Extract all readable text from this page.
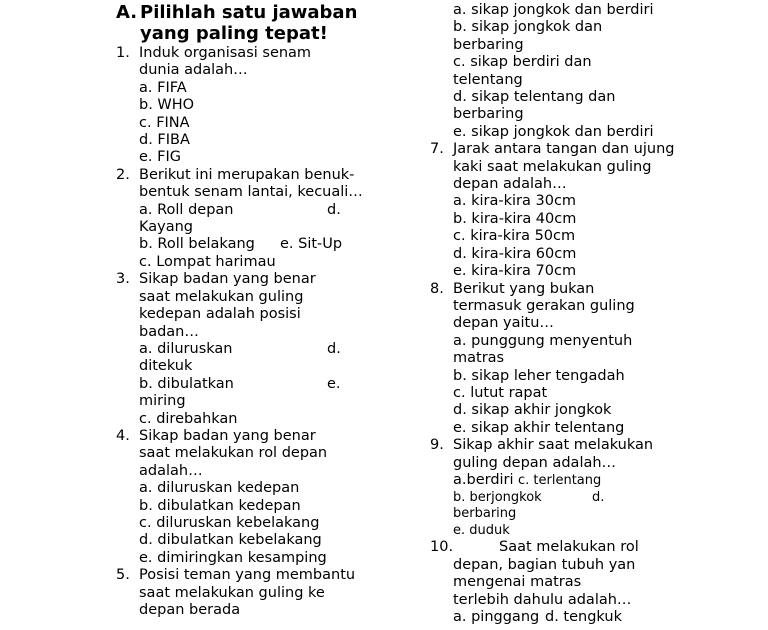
A. Pilihlah satu jawaban yang paling tepat!
1. Induk organisasi senam dunia adalah…
a. FIFA
b. WHO
c. FINA
d. FIBA
e. FIG
2. Berikut ini merupakan benuk-bentuk senam lantai, kecuali…
a. Roll depan	d.
Kayang
b. Roll belakang	e. Sit-Up
c. Lompat harimau
3. Sikap badan yang benar saat melakukan guling kedepan adalah posisi badan…
a. diluruskan	d.
ditekuk
b. dibulatkan	e.
miring
c. direbahkan
4. Sikap badan yang benar saat melakukan rol depan adalah…
a. diluruskan kedepan
b. dibulatkan kedepan
c. diluruskan kebelakang
d. dibulatkan kebelakang
e. dimiringkan kesamping
5. Posisi teman yang membantu saat melakukan guling ke depan berada
a. sikap jongkok dan berdiri
b. sikap jongkok dan berbaring
c. sikap berdiri dan telentang
d. sikap telentang dan berbaring
e. sikap jongkok dan berdiri
7. Jarak antara tangan dan ujung kaki saat melakukan guling depan adalah…
a. kira-kira 30cm
b. kira-kira 40cm
c. kira-kira 50cm
d. kira-kira 60cm
e. kira-kira 70cm
8. Berikut yang bukan termasuk gerakan guling depan yaitu…
a. punggung menyentuh matras
b. sikap leher tengadah
c. lutut rapat
d. sikap akhir jongkok
e. sikap akhir telentang
9. Sikap akhir saat melakukan guling depan adalah…
a.berdiri c. terlentang
b. berjongkok	d.
berbaring
e. duduk
10.	Saat melakukan rol
depan, bagian tubuh yan mengenai matras terlebih dahulu adalah…
a. pinggang d. tengkuk
